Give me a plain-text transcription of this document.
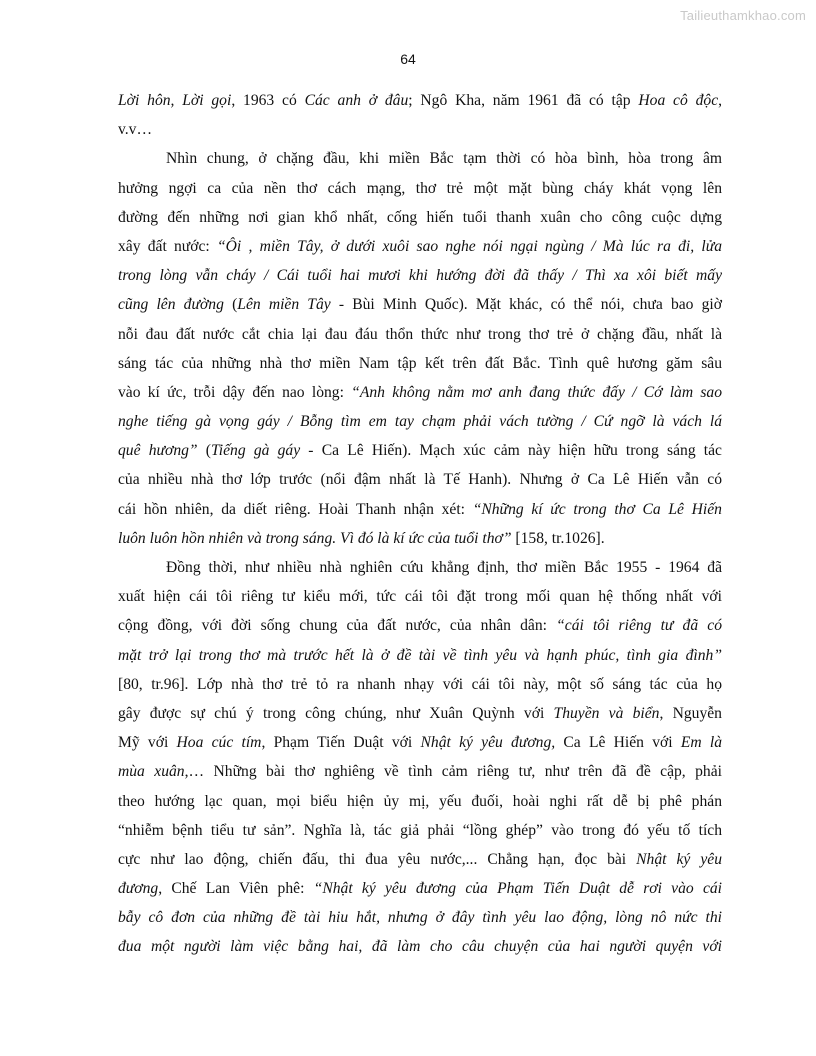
Tailieuthamkhao.com
64
Lời hôn, Lời gọi, 1963 có Các anh ở đâu; Ngô Kha, năm 1961 đã có tập Hoa cô độc,
v.v…
Nhìn chung, ở chặng đầu, khi miền Bắc tạm thời có hòa bình, hòa trong âm
hưởng ngợi ca của nền thơ cách mạng, thơ trẻ một mặt bùng cháy khát vọng lên
đường đến những nơi gian khổ nhất, cống hiến tuổi thanh xuân cho công cuộc dựng
xây đất nước: “Ôi , miền Tây, ở dưới xuôi sao nghe nói ngại ngùng / Mà lúc ra đi, lửa
trong lòng vẫn cháy / Cái tuổi hai mươi khi hướng đời đã thấy / Thì xa xôi biết mấy
cũng lên đường (Lên miền Tây - Bùi Minh Quốc). Mặt khác, có thể nói, chưa bao giờ
nỗi đau đất nước cắt chia lại đau đáu thổn thức như trong thơ trẻ ở chặng đầu, nhất là
sáng tác của những nhà thơ miền Nam tập kết trên đất Bắc. Tình quê hương găm sâu
vào kí ức, trỗi dậy đến nao lòng: “Anh không nằm mơ anh đang thức đấy / Cớ làm sao
nghe tiếng gà vọng gáy / Bỗng tìm em tay chạm phải vách tường / Cứ ngỡ là vách lá
quê hương” (Tiếng gà gáy - Ca Lê Hiến). Mạch xúc cảm này hiện hữu trong sáng tác
của nhiều nhà thơ lớp trước (nổi đậm nhất là Tế Hanh). Nhưng ở Ca Lê Hiến vẫn có
cái hồn nhiên, da diết riêng. Hoài Thanh nhận xét: “Những kí ức trong thơ Ca Lê Hiến
luôn luôn hồn nhiên và trong sáng. Vì đó là kí ức của tuổi thơ” [158, tr.1026].
Đồng thời, như nhiều nhà nghiên cứu khẳng định, thơ miền Bắc 1955 - 1964 đã
xuất hiện cái tôi riêng tư kiểu mới, tức cái tôi đặt trong mối quan hệ thống nhất với
cộng đồng, với đời sống chung của đất nước, của nhân dân: “cái tôi riêng tư đã có
mặt trở lại trong thơ mà trước hết là ở đề tài về tình yêu và hạnh phúc, tình gia đình”
[80, tr.96]. Lớp nhà thơ trẻ tỏ ra nhanh nhạy với cái tôi này, một số sáng tác của họ
gây được sự chú ý trong công chúng, như Xuân Quỳnh với Thuyền và biển, Nguyễn
Mỹ với Hoa cúc tím, Phạm Tiến Duật với Nhật ký yêu đương, Ca Lê Hiến với Em là
mùa xuân,… Những bài thơ nghiêng về tình cảm riêng tư, như trên đã đề cập, phải
theo hướng lạc quan, mọi biểu hiện ủy mị, yếu đuối, hoài nghi rất dễ bị phê phán
“nhiễm bệnh tiểu tư sản”. Nghĩa là, tác giả phải “lồng ghép” vào trong đó yếu tố tích
cực như lao động, chiến đấu, thi đua yêu nước,... Chẳng hạn, đọc bài Nhật ký yêu
đương, Chế Lan Viên phê: “Nhật ký yêu đương của Phạm Tiến Duật dễ rơi vào cái
bẫy cô đơn của những đề tài hiu hắt, nhưng ở đây tình yêu lao động, lòng nô nức thi
đua một người làm việc bằng hai, đã làm cho câu chuyện của hai người quyện với
